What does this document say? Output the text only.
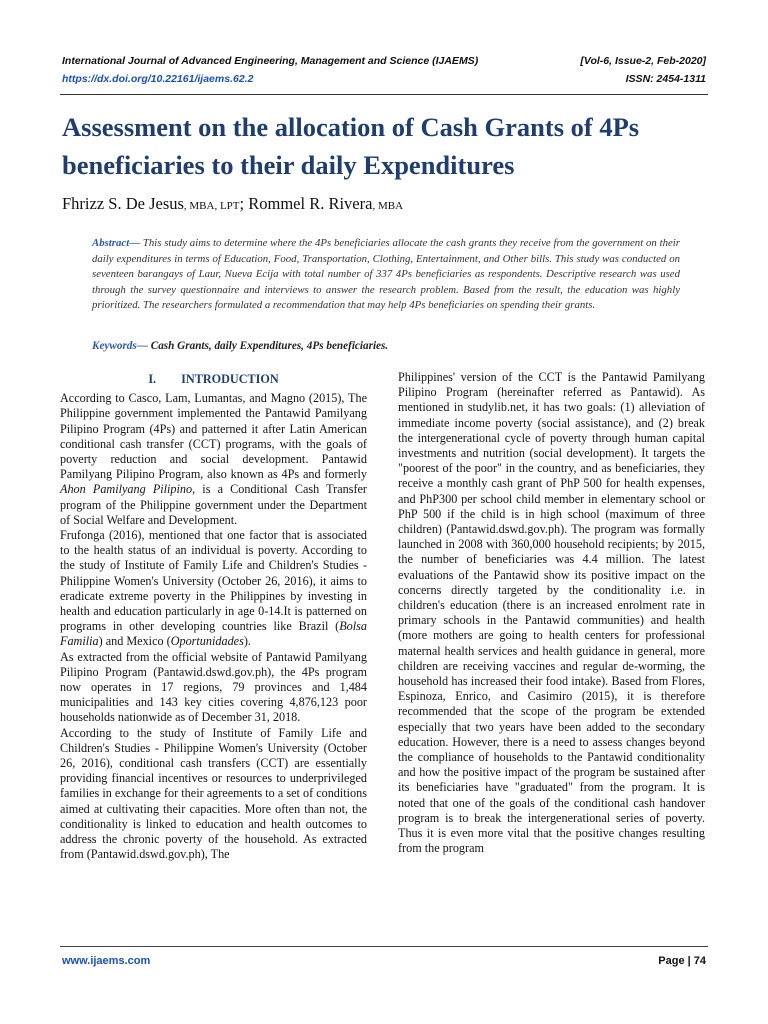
International Journal of Advanced Engineering, Management and Science (IJAEMS)
https://dx.doi.org/10.22161/ijaems.62.2
[Vol-6, Issue-2, Feb-2020]
ISSN: 2454-1311
Assessment on the allocation of Cash Grants of 4Ps beneficiaries to their daily Expenditures
Fhrizz S. De Jesus, MBA, LPT; Rommel R. Rivera, MBA
Abstract— This study aims to determine where the 4Ps beneficiaries allocate the cash grants they receive from the government on their daily expenditures in terms of Education, Food, Transportation, Clothing, Entertainment, and Other bills. This study was conducted on seventeen barangays of Laur, Nueva Ecija with total number of 337 4Ps beneficiaries as respondents. Descriptive research was used through the survey questionnaire and interviews to answer the research problem. Based from the result, the education was highly prioritized. The researchers formulated a recommendation that may help 4Ps beneficiaries on spending their grants.
Keywords— Cash Grants, daily Expenditures, 4Ps beneficiaries.
I. INTRODUCTION

According to Casco, Lam, Lumantas, and Magno (2015), The Philippine government implemented the Pantawid Pamilyang Pilipino Program (4Ps) and patterned it after Latin American conditional cash transfer (CCT) programs, with the goals of poverty reduction and social development. Pantawid Pamilyang Pilipino Program, also known as 4Ps and formerly Ahon Pamilyang Pilipino, is a Conditional Cash Transfer program of the Philippine government under the Department of Social Welfare and Development.

Frufonga (2016), mentioned that one factor that is associated to the health status of an individual is poverty. According to the study of Institute of Family Life and Children's Studies - Philippine Women's University (October 26, 2016), it aims to eradicate extreme poverty in the Philippines by investing in health and education particularly in age 0-14.It is patterned on programs in other developing countries like Brazil (Bolsa Familia) and Mexico (Oportunidades).

As extracted from the official website of Pantawid Pamilyang Pilipino Program (Pantawid.dswd.gov.ph), the 4Ps program now operates in 17 regions, 79 provinces and 1,484 municipalities and 143 key cities covering 4,876,123 poor households nationwide as of December 31, 2018.

According to the study of Institute of Family Life and Children's Studies - Philippine Women's University (October 26, 2016), conditional cash transfers (CCT) are essentially providing financial incentives or resources to underprivileged families in exchange for their agreements to a set of conditions aimed at cultivating their capacities. More often than not, the conditionality is linked to education and health outcomes to address the chronic poverty of the household. As extracted from (Pantawid.dswd.gov.ph), The

Philippines' version of the CCT is the Pantawid Pamilyang Pilipino Program (hereinafter referred as Pantawid). As mentioned in studylib.net, it has two goals: (1) alleviation of immediate income poverty (social assistance), and (2) break the intergenerational cycle of poverty through human capital investments and nutrition (social development). It targets the "poorest of the poor" in the country, and as beneficiaries, they receive a monthly cash grant of PhP 500 for health expenses, and PhP300 per school child member in elementary school or PhP 500 if the child is in high school (maximum of three children) (Pantawid.dswd.gov.ph). The program was formally launched in 2008 with 360,000 household recipients; by 2015, the number of beneficiaries was 4.4 million. The latest evaluations of the Pantawid show its positive impact on the concerns directly targeted by the conditionality i.e. in children's education (there is an increased enrolment rate in primary schools in the Pantawid communities) and health (more mothers are going to health centers for professional maternal health services and health guidance in general, more children are receiving vaccines and regular de-worming, the household has increased their food intake). Based from Flores, Espinoza, Enrico, and Casimiro (2015), it is therefore recommended that the scope of the program be extended especially that two years have been added to the secondary education. However, there is a need to assess changes beyond the compliance of households to the Pantawid conditionality and how the positive impact of the program be sustained after its beneficiaries have "graduated" from the program. It is noted that one of the goals of the conditional cash handover program is to break the intergenerational series of poverty. Thus it is even more vital that the positive changes resulting from the program

www.ijaems.com	Page | 74
